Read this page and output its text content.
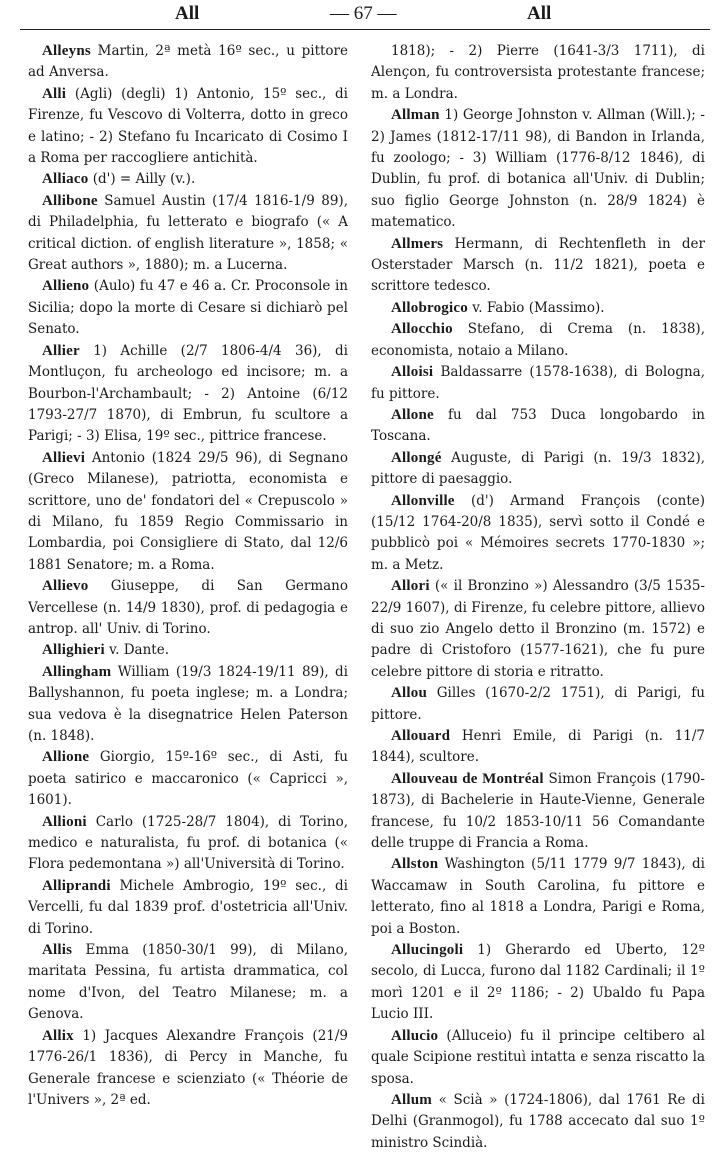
All	— 67 —	All

Alleyns Martin, 2ª metà 16º sec., u pittore ad Anversa.

Alli (Agli) (degli) 1) Antonio, 15º sec., di Firenze, fu Vescovo di Volterra, dotto in greco e latino; - 2) Stefano fu Incaricato di Cosimo I a Roma per raccogliere antichità.

Alliaco (d') = Ailly (v.).

Allibone Samuel Austin (17/4 1816-1/9 89), di Philadelphia, fu letterato e biografo (« A critical diction. of english literature », 1858; « Great authors », 1880); m. a Lucerna.

Allieno (Aulo) fu 47 e 46 a. Cr. Proconsole in Sicilia; dopo la morte di Cesare si dichiarò pel Senato.

Allier 1) Achille (2/7 1806-4/4 36), di Montluçon, fu archeologo ed incisore; m. a Bourbon-l'Archambault; - 2) Antoine (6/12 1793-27/7 1870), di Embrun, fu scultore a Parigi; - 3) Elisa, 19º sec., pittrice francese.

Allievi Antonio (1824 29/5 96), di Segnano (Greco Milanese), patriotta, economista e scrittore, uno de' fondatori del « Crepuscolo » di Milano, fu 1859 Regio Commissario in Lombardia, poi Consigliere di Stato, dal 12/6 1881 Senatore; m. a Roma.

Allievo Giuseppe, di San Germano Vercellese (n. 14/9 1830), prof. di pedagogia e antrop. all' Univ. di Torino.

Allighieri v. Dante.

Allingham William (19/3 1824-19/11 89), di Ballyshannon, fu poeta inglese; m. a Londra; sua vedova è la disegnatrice Helen Paterson (n. 1848).

Allione Giorgio, 15º-16º sec., di Asti, fu poeta satirico e maccaronico (« Capricci », 1601).

Allioni Carlo (1725-28/7 1804), di Torino, medico e naturalista, fu prof. di botanica (« Flora pedemontana ») all'Università di Torino.

Alliprandi Michele Ambrogio, 19º sec., di Vercelli, fu dal 1839 prof. d'ostetricia all'Univ. di Torino.

Allis Emma (1850-30/1 99), di Milano, maritata Pessina, fu artista drammatica, col nome d'Ivon, del Teatro Milanese; m. a Genova.

Allix 1) Jacques Alexandre François (21/9 1776-26/1 1836), di Percy in Manche, fu Generale francese e scienziato (« Théorie de l'Univers », 2ª ed.

1818); - 2) Pierre (1641-3/3 1711), di Alençon, fu controversista protestante francese; m. a Londra.

Allman 1) George Johnston v. Allman (Will.); - 2) James (1812-17/11 98), di Bandon in Irlanda, fu zoologo; - 3) William (1776-8/12 1846), di Dublin, fu prof. di botanica all'Univ. di Dublin; suo figlio George Johnston (n. 28/9 1824) è matematico.

Allmers Hermann, di Rechtenfleth in der Osterstader Marsch (n. 11/2 1821), poeta e scrittore tedesco.

Allobrogico v. Fabio (Massimo).

Allocchio Stefano, di Crema (n. 1838), economista, notaio a Milano.

Alloisi Baldassarre (1578-1638), di Bologna, fu pittore.

Allone fu dal 753 Duca longobardo in Toscana.

Allongé Auguste, di Parigi (n. 19/3 1832), pittore di paesaggio.

Allonville (d') Armand François (conte) (15/12 1764-20/8 1835), servì sotto il Condé e pubblicò poi « Mémoires secrets 1770-1830 »; m. a Metz.

Allori (« il Bronzino ») Alessandro (3/5 1535-22/9 1607), di Firenze, fu celebre pittore, allievo di suo zio Angelo detto il Bronzino (m. 1572) e padre di Cristoforo (1577-1621), che fu pure celebre pittore di storia e ritratto.

Allou Gilles (1670-2/2 1751), di Parigi, fu pittore.

Allouard Henri Emile, di Parigi (n. 11/7 1844), scultore.

Allouveau de Montréal Simon François (1790-1873), di Bachelerie in Haute-Vienne, Generale francese, fu 10/2 1853-10/11 56 Comandante delle truppe di Francia a Roma.

Allston Washington (5/11 1779 9/7 1843), di Waccamaw in South Carolina, fu pittore e letterato, fino al 1818 a Londra, Parigi e Roma, poi a Boston.

Allucingoli 1) Gherardo ed Uberto, 12º secolo, di Lucca, furono dal 1182 Cardinali; il 1º morì 1201 e il 2º 1186; - 2) Ubaldo fu Papa Lucio III.

Allucio (Alluceio) fu il principe celtibero al quale Scipione restituì intatta e senza riscatto la sposa.

Allum « Scià » (1724-1806), dal 1761 Re di Delhi (Granmogol), fu 1788 accecato dal suo 1º ministro Scindià.
